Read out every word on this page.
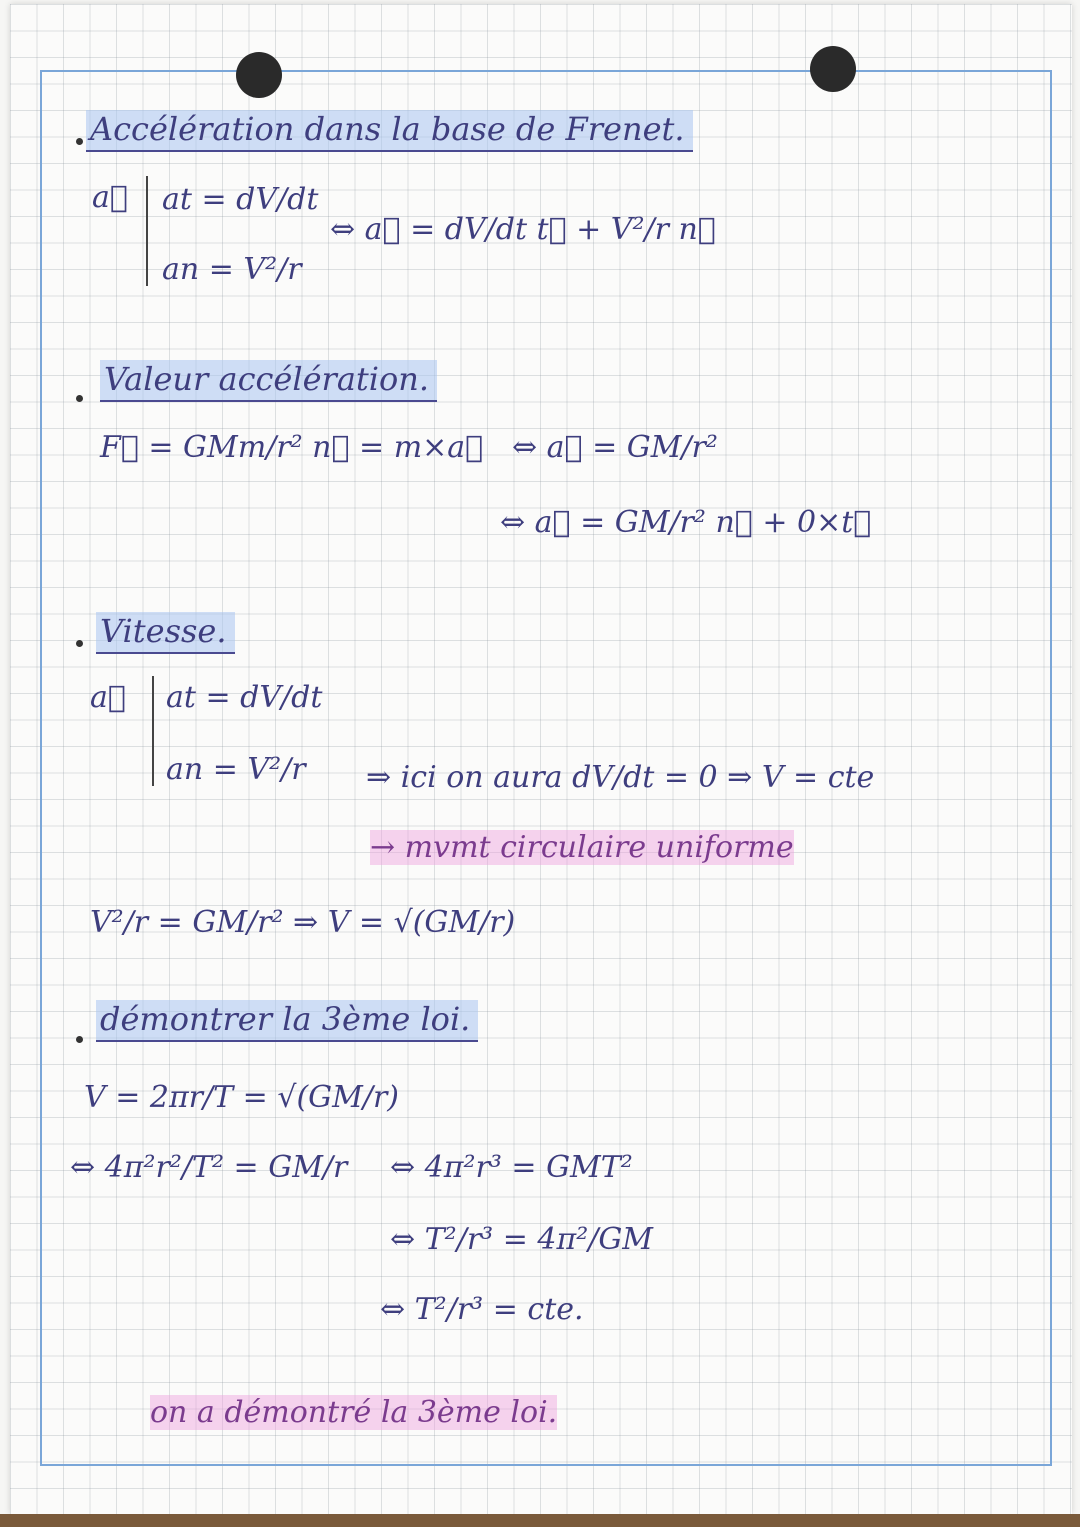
Accélération dans la base de Frenet.
a⃗ at = dV/dt
an = V²/r
⇔ a⃗ = dV/dt t⃗ + V²/r n⃗
Valeur accélération.
F⃗ = GMm/r² n⃗ = m×a⃗ ⇔ a⃗ = GM/r²
⇔ a⃗ = GM/r² n⃗ + 0×t⃗
Vitesse.
a⃗ at = dV/dt
an = V²/r ⇒ ici on aura dV/dt = 0 ⇒ V = cte
→ mvmt circulaire uniforme
V²/r = GM/r² ⇒ V = √(GM/r)
démontrer la 3ème loi.
V = 2πr/T = √(GM/r)
⇔ 4π²r²/T² = GM/r ⇔ 4π²r³ = GMT²
⇔ T²/r³ = 4π²/GM
⇔ T²/r³ = cte.
on a démontré la 3ème loi.
